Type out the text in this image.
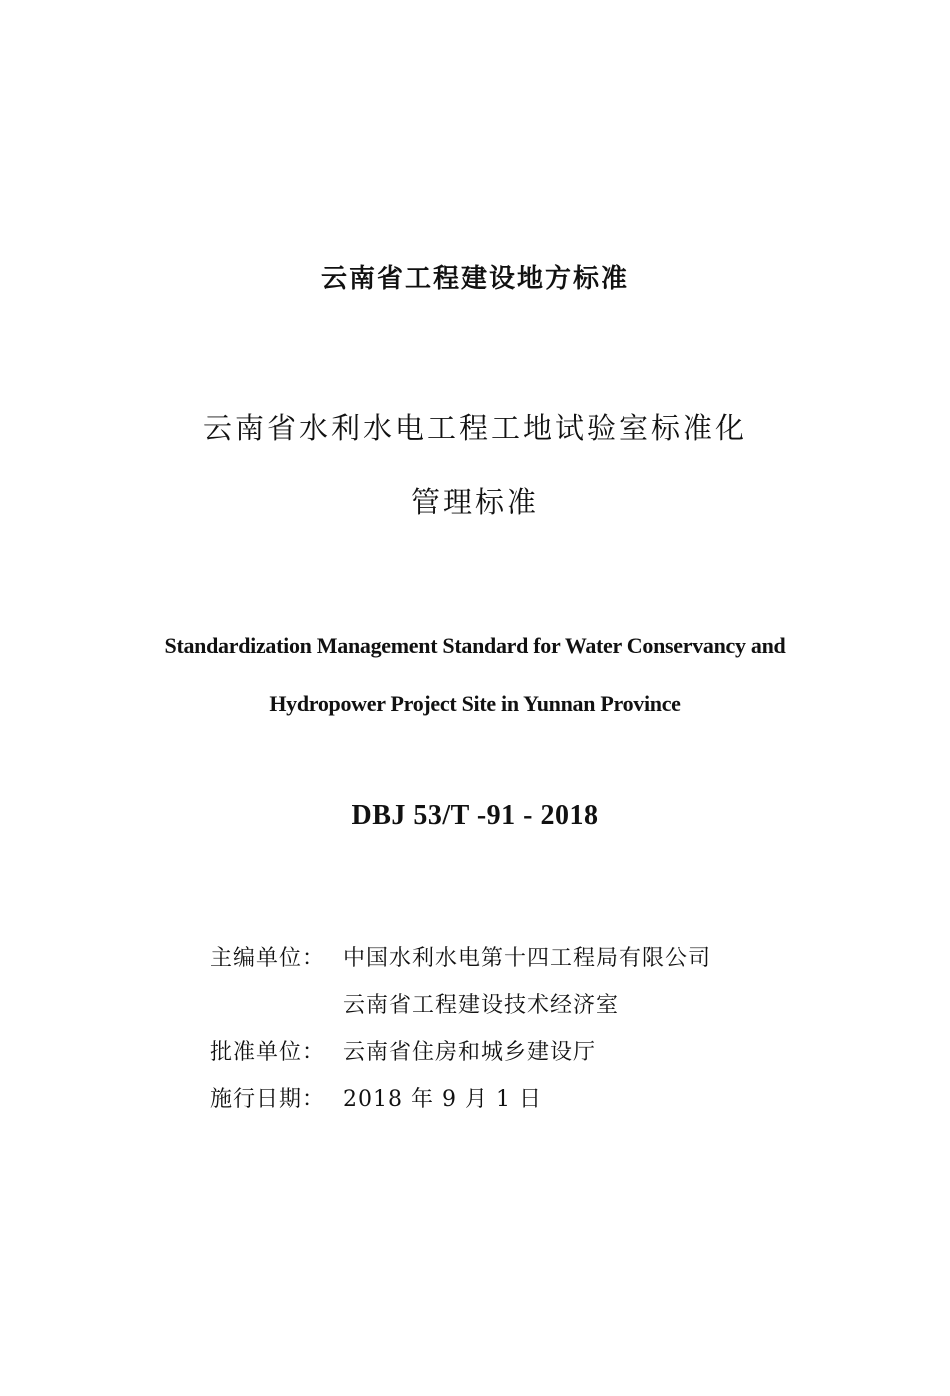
云南省工程建设地方标准
云南省水利水电工程工地试验室标准化
管理标准
Standardization Management Standard for Water Conservancy and
Hydropower Project Site in Yunnan Province
DBJ 53/T -91 - 2018
主编单位： 中国水利水电第十四工程局有限公司
云南省工程建设技术经济室
批准单位： 云南省住房和城乡建设厅
施行日期： 2018 年 9 月 1 日
